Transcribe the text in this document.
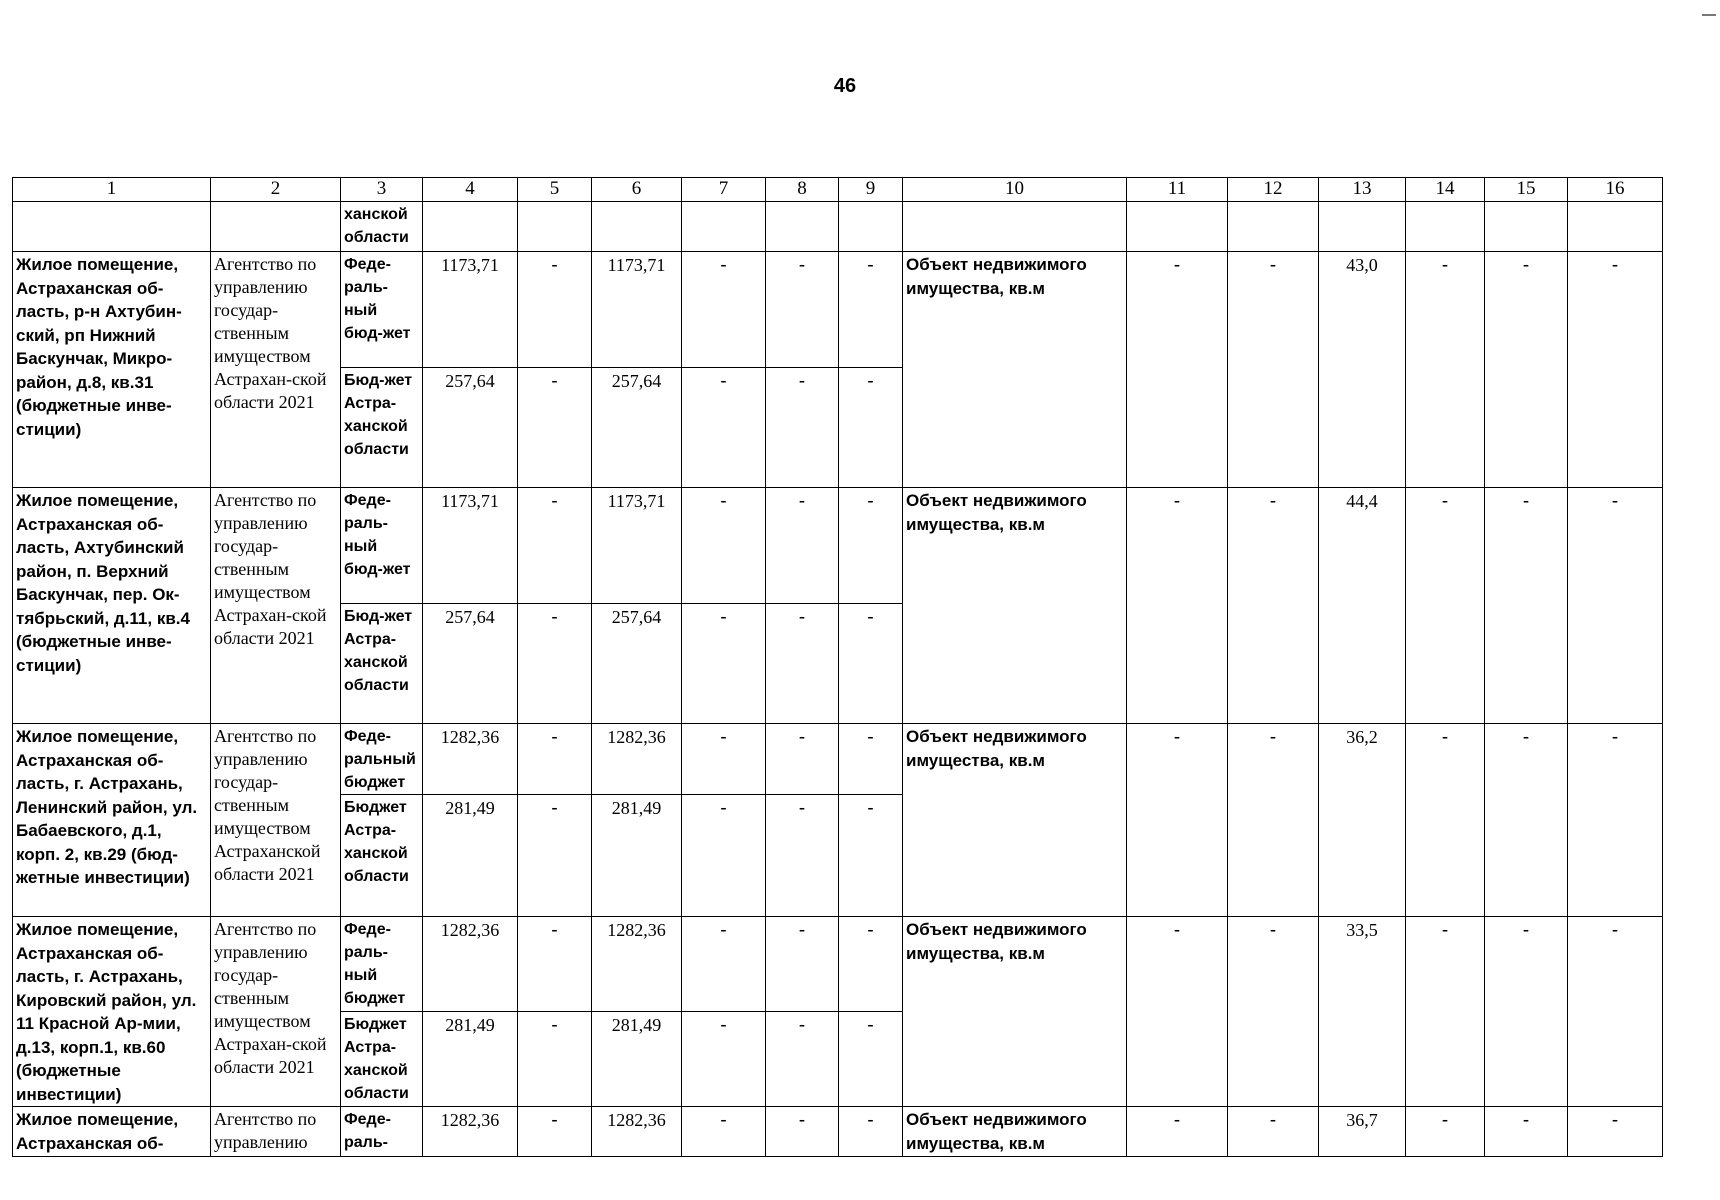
46
1	2	3	4	5	6	7	8	9	10	11	12	13	14	15	16
		ханской области													
Жилое помещение, Астраханская об-ласть, р-н Ахтубин-ский, рп Нижний Баскунчак, Микро-район, д.8, кв.31 (бюджетные инве-стиции)	Агентство по управлению государ-ственным имуществом Астрахан-ской области 2021	Феде-раль-ный бюд-жет	1173,71	-	1173,71	-	-	-	Объект недвижимого имущества, кв.м	-	-	43,0	-	-	-
		Бюд-жет Астра-ханской области	257,64	-	257,64	-	-	-							
Жилое помещение, Астраханская об-ласть, Ахтубинский район, п. Верхний Баскунчак, пер. Ок-тябрьский, д.11, кв.4 (бюджетные инве-стиции)	Агентство по управлению государ-ственным имуществом Астрахан-ской области 2021	Феде-раль-ный бюд-жет	1173,71	-	1173,71	-	-	-	Объект недвижимого имущества, кв.м	-	-	44,4	-	-	-
		Бюд-жет Астра-ханской области	257,64	-	257,64	-	-	-							
Жилое помещение, Астраханская об-ласть, г. Астрахань, Ленинский район, ул. Бабаевского, д.1, корп. 2, кв.29 (бюд-жетные инвестиции)	Агентство по управлению государ-ственным имуществом Астраханской области 2021	Феде-ральный бюджет	1282,36	-	1282,36	-	-	-	Объект недвижимого имущества, кв.м	-	-	36,2	-	-	-
		Бюджет Астра-ханской области	281,49	-	281,49	-	-	-							
Жилое помещение, Астраханская об-ласть, г. Астрахань, Кировский район, ул. 11 Красной Ар-мии, д.13, корп.1, кв.60 (бюджетные инвестиции)	Агентство по управлению государ-ственным имуществом Астрахан-ской области 2021	Феде-раль-ный бюджет	1282,36	-	1282,36	-	-	-	Объект недвижимого имущества, кв.м	-	-	33,5	-	-	-
		Бюджет Астра-ханской области	281,49	-	281,49	-	-	-							
Жилое помещение, Астраханская об-	Агентство по управлению	Феде-раль-	1282,36	-	1282,36	-	-	-	Объект недвижимого имущества, кв.м	-	-	36,7	-	-	-
